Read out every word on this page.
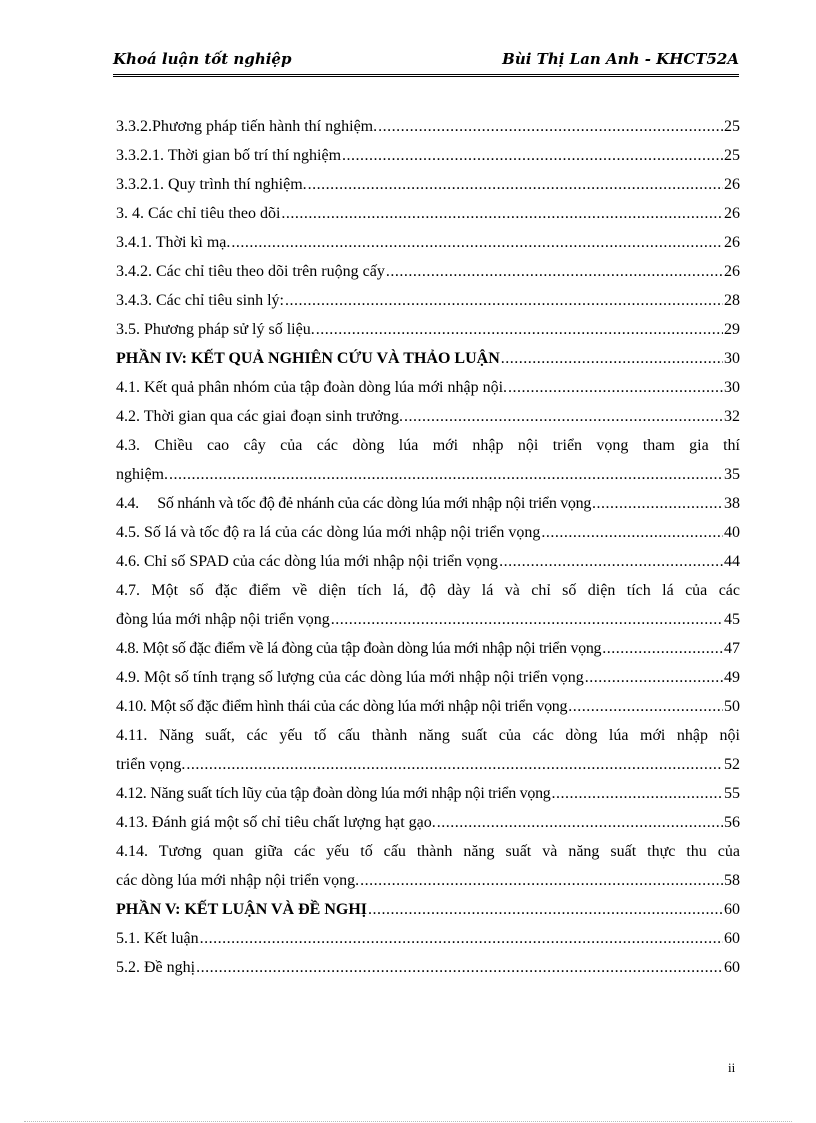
Khoá luận tốt nghiệp	Bùi Thị Lan Anh - KHCT52A
3.3.2.Phương pháp tiến hành thí nghiệm. .....	25
3.3.2.1. Thời gian bố trí thí nghiệm .....	25
3.3.2.1. Quy trình thí nghiệm. .....	26
3. 4. Các chỉ tiêu theo dõi .....	26
3.4.1. Thời kì mạ. .....	26
3.4.2. Các chỉ tiêu theo dõi trên ruộng cấy .....	26
3.4.3. Các chỉ tiêu sinh lý: .....	28
3.5. Phương pháp sử lý số liệu. .....	29
PHẦN IV: KẾT QUẢ NGHIÊN CỨU VÀ THẢO LUẬN .....	30
4.1. Kết quả phân nhóm của tập đoàn dòng lúa mới nhập nội. .....	30
4.2. Thời gian qua các giai đoạn sinh trưởng. .....	32
4.3. Chiều cao cây của các dòng lúa mới nhập nội triển vọng tham gia thí
nghiệm. .....	35
4.4.     Số nhánh và tốc độ đẻ nhánh của các dòng lúa mới nhập nội triển vọng .....	38
4.5. Số lá và tốc độ ra lá của các dòng lúa mới nhập nội triển vọng .....	40
4.6. Chỉ số SPAD của các dòng lúa mới nhập nội triển vọng .....	44
4.7. Một số đặc điểm về diện tích lá, độ dày lá và chỉ số diện tích lá của các
đòng lúa mới nhập nội triển vọng .....	45
4.8. Một số đặc điểm về lá đòng của tập đoàn dòng lúa mới nhập nội triển vọng .....	47
4.9. Một số tính trạng số lượng của các dòng lúa mới nhập nội triển vọng .....	49
4.10. Một số đặc điểm hình thái của các dòng lúa mới nhập nội triển vọng .....	50
4.11. Năng suất, các yếu tố cấu thành năng suất của các dòng lúa mới nhập nội
triển vọng. .....	52
4.12. Năng suất tích lũy của tập đoàn dòng lúa mới nhập nội triển vọng .....	55
4.13. Đánh giá một số chỉ tiêu chất lượng hạt gạo. .....	56
4.14. Tương quan giữa các yếu tố cấu thành năng suất và năng suất thực thu của
các dòng lúa mới nhập nội triển vọng. .....	58
PHẦN V: KẾT LUẬN VÀ ĐỀ NGHỊ .....	60
5.1. Kết luận .....	60
5.2. Đề nghị .....	60
ii
